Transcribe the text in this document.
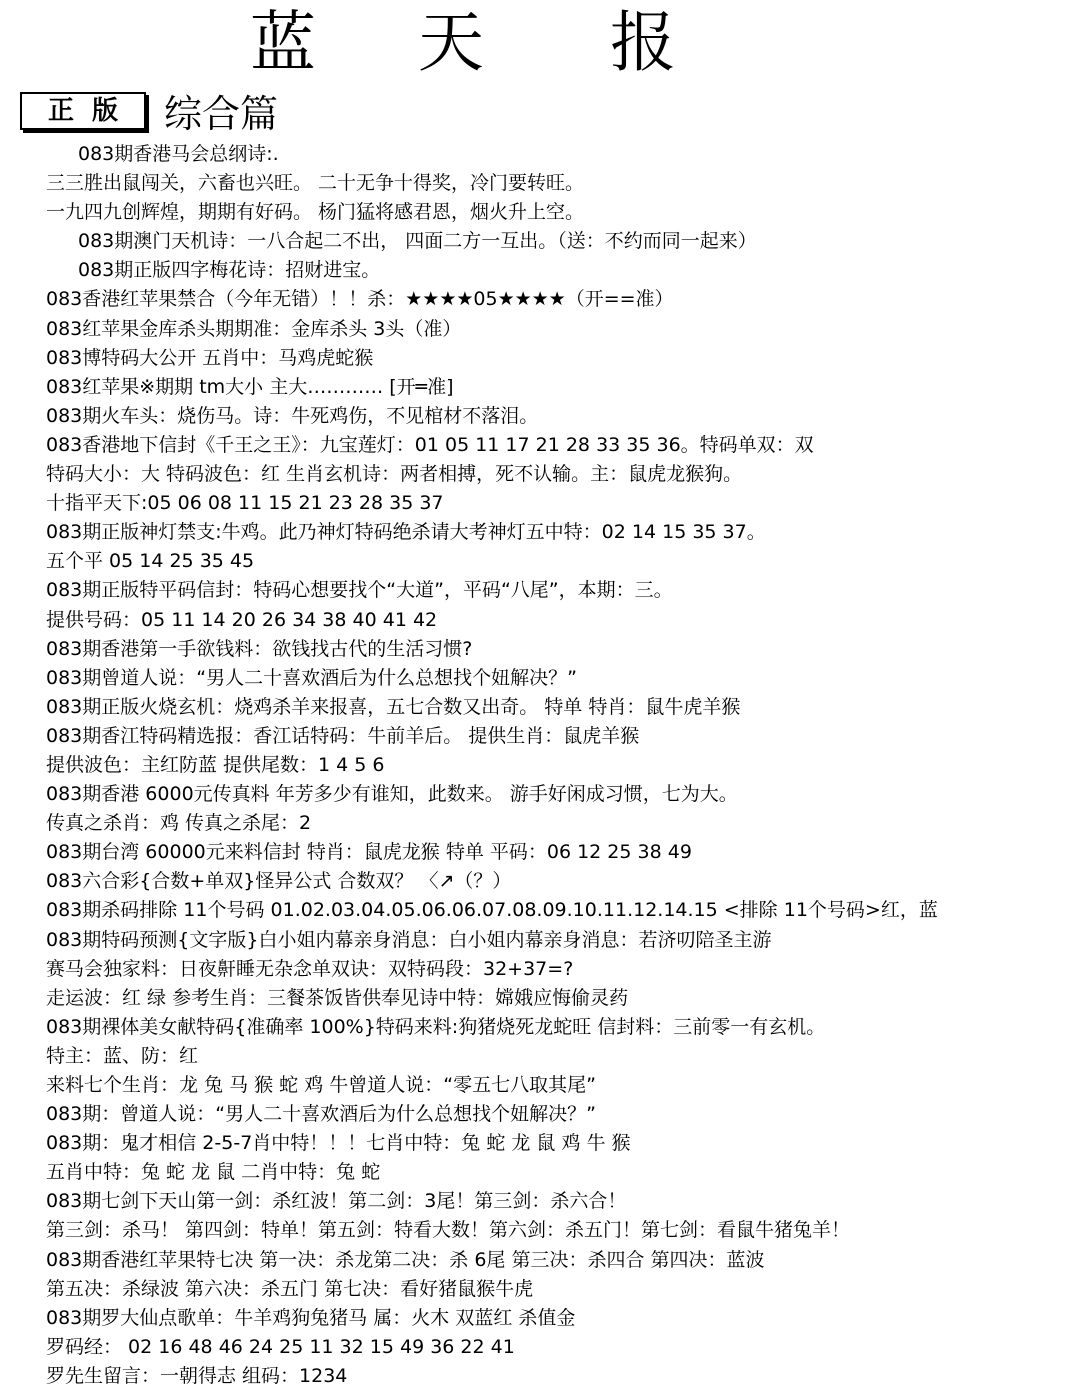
蓝 天 报
正版 综合篇
083期香港马会总纲诗:.
三三胜出鼠闯关，六畜也兴旺。 二十无争十得奖，冷门要转旺。
一九四九创辉煌，期期有好码。 杨门猛将感君恩，烟火升上空。
083期澳门天机诗：一八合起二不出， 四面二方一互出。（送：不约而同一起来）
083期正版四字梅花诗：招财进宝。
083香港红苹果禁合（今年无错）！！杀：★★★★05★★★★（开==准）
083红苹果金库杀头期期准：金库杀头 3头（准）
083博特码大公开 五肖中：马鸡虎蛇猴
083红苹果※期期 tm大小 主大………… [开═准]
083期火车头：烧伤马。诗：牛死鸡伤，不见棺材不落泪。
083香港地下信封《千王之王》：九宝莲灯：01 05 11 17 21 28 33 35 36。特码单双：双
特码大小：大 特码波色：红 生肖玄机诗：两者相搏，死不认输。主：鼠虎龙猴狗。
十指平天下:05 06 08 11 15 21 23 28 35 37
083期正版神灯禁支:牛鸡。此乃神灯特码绝杀请大考神灯五中特：02 14 15 35 37。
五个平 05 14 25 35 45
083期正版特平码信封：特码心想要找个“大道”，平码“八尾”，本期：三。
提供号码：05 11 14 20 26 34 38 40 41 42
083期香港第一手欲钱料：欲钱找古代的生活习惯?
083期曾道人说：“男人二十喜欢酒后为什么总想找个妞解决？”
083期正版火烧玄机：烧鸡杀羊来报喜，五七合数又出奇。 特单 特肖：鼠牛虎羊猴
083期香江特码精选报：香江话特码：牛前羊后。 提供生肖：鼠虎羊猴
提供波色：主红防蓝 提供尾数：1 4 5 6
083期香港 6000元传真料 年芳多少有谁知，此数来。 游手好闲成习惯，七为大。
传真之杀肖：鸡 传真之杀尾：2
083期台湾 60000元来料信封 特肖：鼠虎龙猴 特单 平码：06 12 25 38 49
083六合彩{合数+单双}怪异公式 合数双？ 〈↗（？）
083期杀码排除 11个号码 01.02.03.04.05.06.06.07.08.09.10.11.12.14.15 <排除 11个号码>红，蓝
083期特码预测{文字版}白小姐内幕亲身消息：白小姐内幕亲身消息：若济叨陪圣主游
赛马会独家料：日夜鼾睡无杂念单双诀：双特码段：32+37=?
走运波：红 绿 参考生肖：三餐茶饭皆供奉见诗中特：嫦娥应悔偷灵药
083期裸体美女献特码{准确率 100%}特码来料:狗猪烧死龙蛇旺 信封料：三前零一有玄机。
特主：蓝、防：红
来料七个生肖：龙 兔 马 猴 蛇 鸡 牛曾道人说：“零五七八取其尾”
083期：曾道人说：“男人二十喜欢酒后为什么总想找个妞解决？”
083期：鬼才相信 2-5-7肖中特！！！七肖中特：兔 蛇 龙 鼠 鸡 牛 猴
五肖中特：兔 蛇 龙 鼠 二肖中特：兔 蛇
083期七剑下天山第一剑：杀红波！第二剑：3尾！第三剑：杀六合！
第三剑：杀马！ 第四剑：特单！第五剑：特看大数！第六剑：杀五门！第七剑：看鼠牛猪兔羊！
083期香港红苹果特七决 第一决：杀龙第二决：杀 6尾 第三决：杀四合 第四决：蓝波
第五决：杀绿波 第六决：杀五门 第七决：看好猪鼠猴牛虎
083期罗大仙点歌单：牛羊鸡狗兔猪马 属：火木 双蓝红 杀值金
罗码经： 02 16 48 46 24 25 11 32 15 49 36 22 41
罗先生留言：一朝得志 组码：1234
